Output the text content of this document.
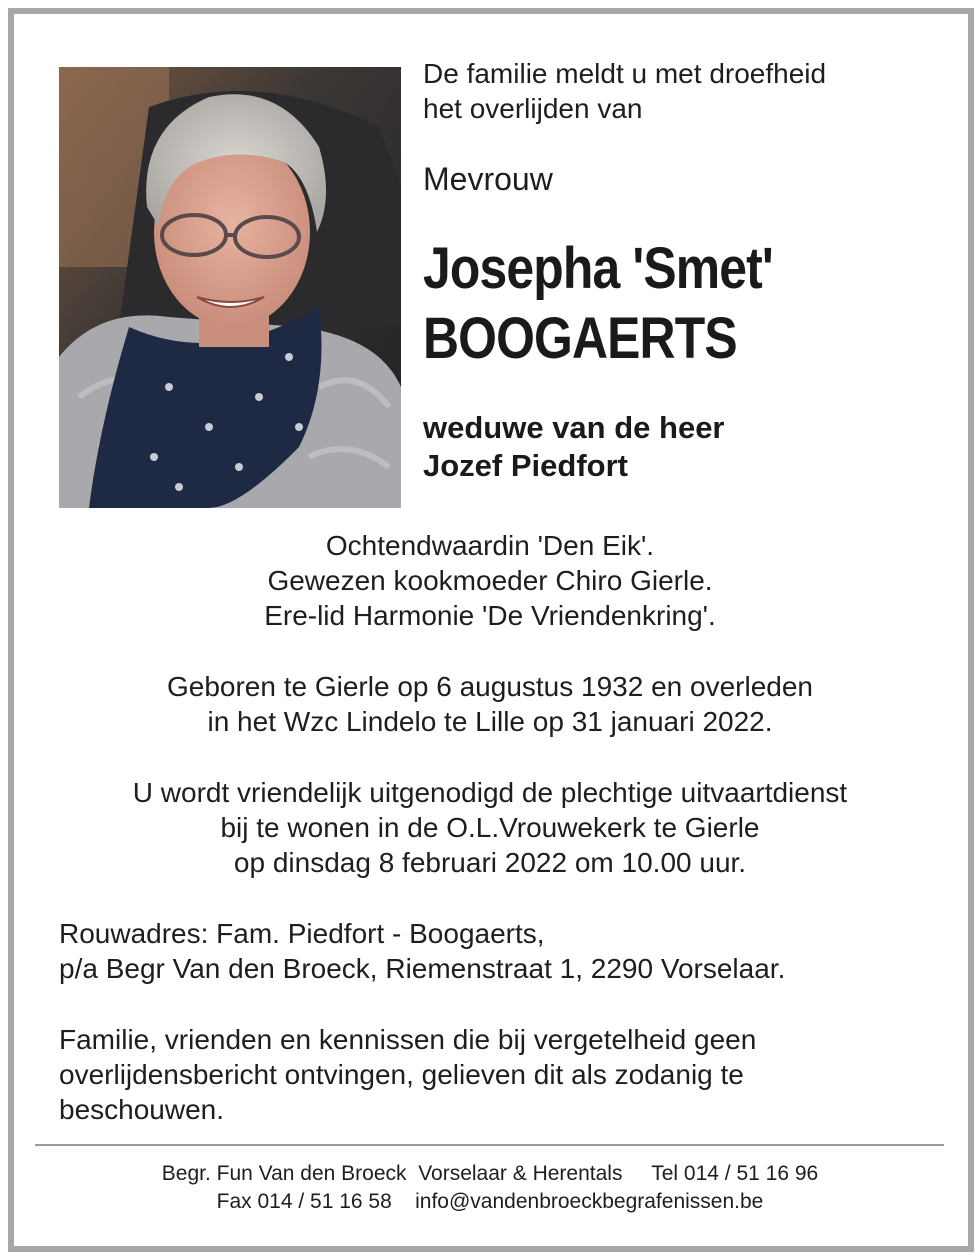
De familie meldt u met droefheid
het overlijden van
Mevrouw
Josepha 'Smet'
BOOGAERTS
weduwe van de heer
Jozef Piedfort
Ochtendwaardin 'Den Eik'.
Gewezen kookmoeder Chiro Gierle.
Ere-lid Harmonie 'De Vriendenkring'.
Geboren te Gierle op 6 augustus 1932 en overleden
in het Wzc Lindelo te Lille op 31 januari 2022.
U wordt vriendelijk uitgenodigd de plechtige uitvaartdienst
bij te wonen in de O.L.Vrouwekerk te Gierle
op dinsdag 8 februari 2022 om 10.00 uur.
Rouwadres: Fam. Piedfort - Boogaerts,
p/a Begr Van den Broeck, Riemenstraat 1, 2290 Vorselaar.
Familie, vrienden en kennissen die bij vergetelheid geen
overlijdensbericht ontvingen, gelieven dit als zodanig te
beschouwen.
Begr. Fun Van den Broeck  Vorselaar & Herentals     Tel 014 / 51 16 96
Fax 014 / 51 16 58    info@vandenbroeckbegrafenissen.be
